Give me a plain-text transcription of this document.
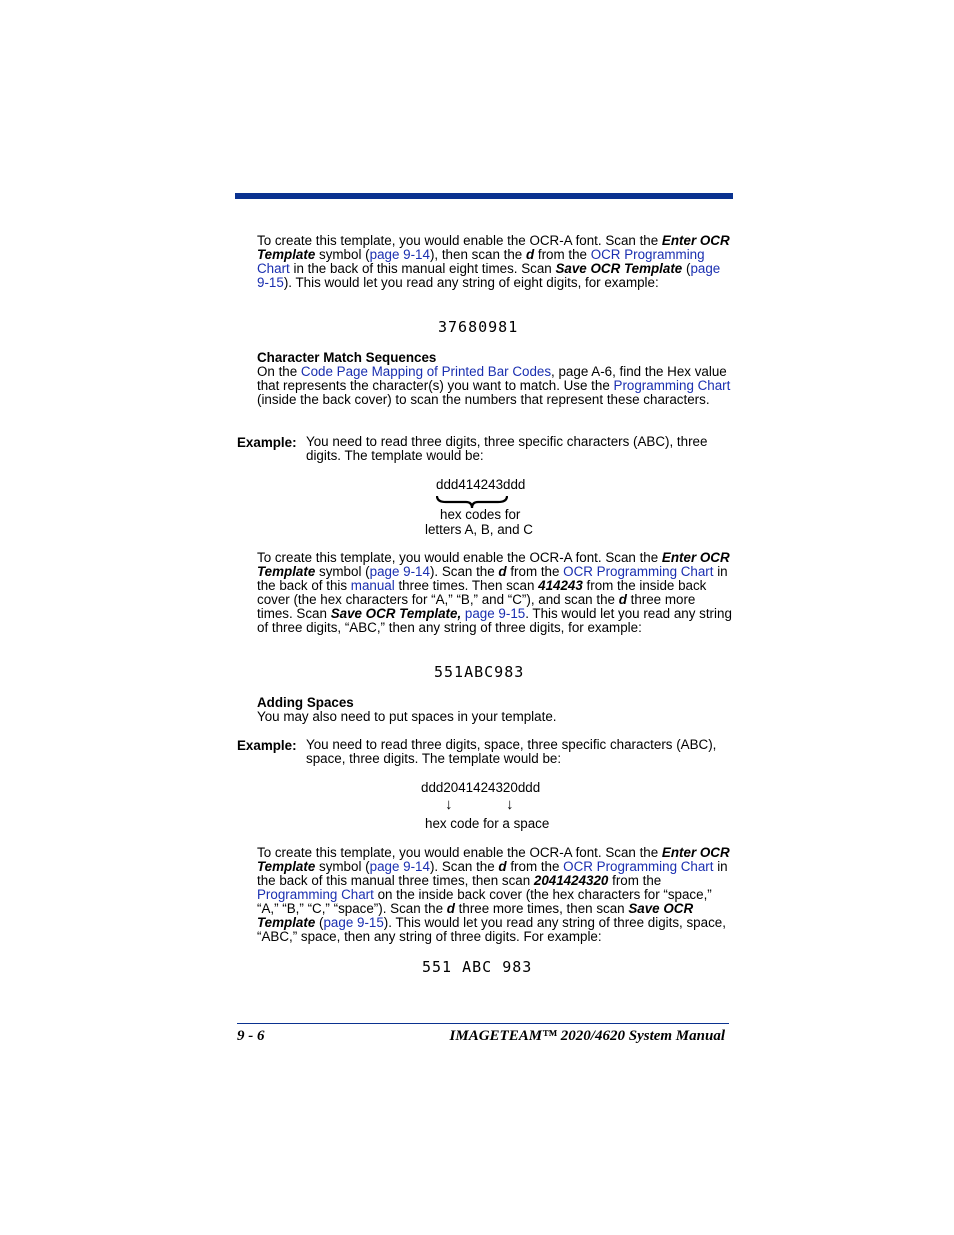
To create this template, you would enable the OCR-A font. Scan the Enter OCR Template symbol (page 9-14), then scan the d from the OCR Programming Chart in the back of this manual eight times. Scan Save OCR Template (page 9-15). This would let you read any string of eight digits, for example:

37680981
Character Match Sequences

On the Code Page Mapping of Printed Bar Codes, page A-6, find the Hex value that represents the character(s) you want to match. Use the Programming Chart (inside the back cover) to scan the numbers that represent these characters.

Example: You need to read three digits, three specific characters (ABC), three digits. The template would be:

ddd414243ddd
hex codes for
letters A, B, and C

To create this template, you would enable the OCR-A font. Scan the Enter OCR Template symbol (page 9-14). Scan the d from the OCR Programming Chart in the back of this manual three times. Then scan 414243 from the inside back cover (the hex characters for “A,” “B,” and “C”), and scan the d three more times. Scan Save OCR Template, page 9-15. This would let you read any string of three digits, “ABC,” then any string of three digits, for example:

551ABC983
Adding Spaces

You may also need to put spaces in your template.

Example: You need to read three digits, space, three specific characters (ABC), space, three digits. The template would be:

ddd2041424320ddd
↓	↓
hex code for a space

To create this template, you would enable the OCR-A font. Scan the Enter OCR Template symbol (page 9-14). Scan the d from the OCR Programming Chart in the back of this manual three times, then scan 2041424320 from the Programming Chart on the inside back cover (the hex characters for “space,” “A,” “B,” “C,” “space”). Scan the d three more times, then scan Save OCR Template (page 9-15). This would let you read any string of three digits, space, “ABC,” space, then any string of three digits. For example:

551 ABC 983
9 - 6	IMAGETEAM™ 2020/4620 System Manual
